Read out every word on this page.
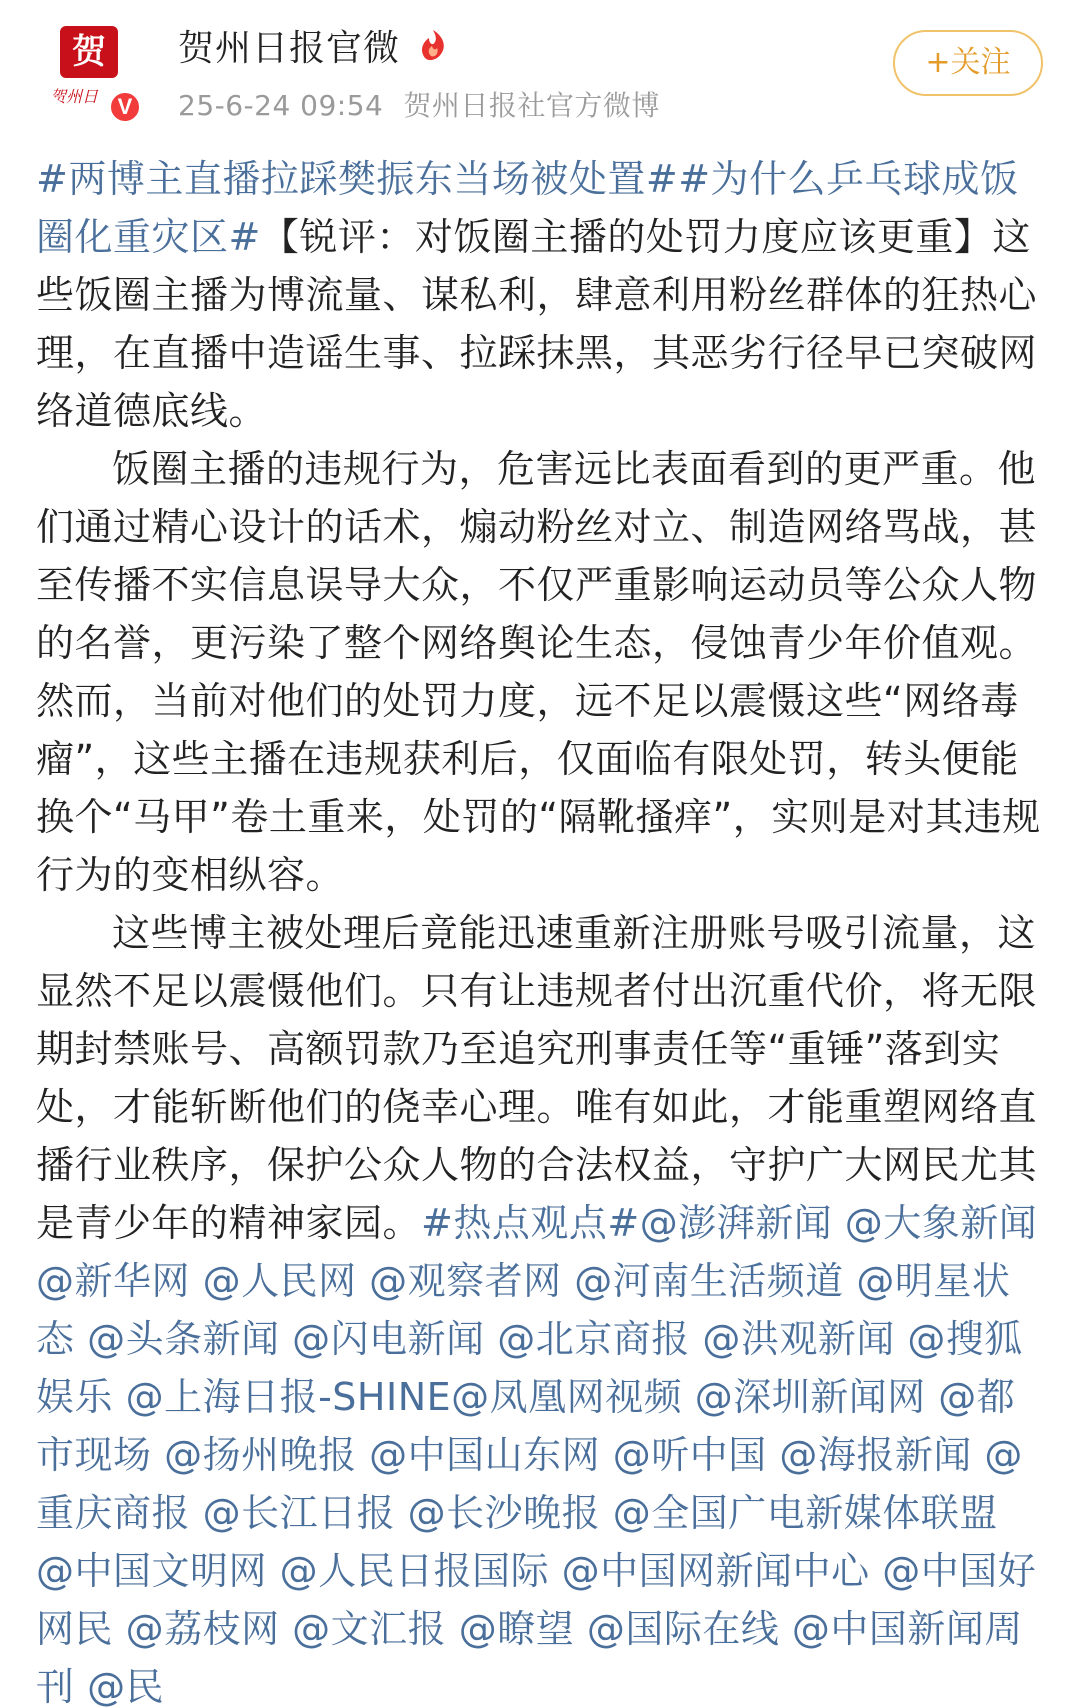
贺
贺州日 V
贺州日报官微
25-6-24 09:54 贺州日报社官方微博
+关注

#两博主直播拉踩樊振东当场被处置##为什么乒乓球成饭圈化重灾区#【锐评：对饭圈主播的处罚力度应该更重】这些饭圈主播为博流量、谋私利，肆意利用粉丝群体的狂热心理，在直播中造谣生事、拉踩抹黑，其恶劣行径早已突破网络道德底线。

饭圈主播的违规行为，危害远比表面看到的更严重。他们通过精心设计的话术，煽动粉丝对立、制造网络骂战，甚至传播不实信息误导大众，不仅严重影响运动员等公众人物的名誉，更污染了整个网络舆论生态，侵蚀青少年价值观。然而，当前对他们的处罚力度，远不足以震慑这些“网络毒瘤”，这些主播在违规获利后，仅面临有限处罚，转头便能换个“马甲”卷土重来，处罚的“隔靴搔痒”，实则是对其违规行为的变相纵容。

这些博主被处理后竟能迅速重新注册账号吸引流量，这显然不足以震慑他们。只有让违规者付出沉重代价，将无限期封禁账号、高额罚款乃至追究刑事责任等“重锤”落到实处，才能斩断他们的侥幸心理。唯有如此，才能重塑网络直播行业秩序，保护公众人物的合法权益，守护广大网民尤其是青少年的精神家园。#热点观点#@澎湃新闻 @大象新闻 @新华网 @人民网 @观察者网 @河南生活频道 @明星状态 @头条新闻 @闪电新闻 @北京商报 @洪观新闻 @搜狐娱乐 @上海日报-SHINE@凤凰网视频 @深圳新闻网 @都市现场 @扬州晚报 @中国山东网 @听中国 @海报新闻 @重庆商报 @长江日报 @长沙晚报 @全国广电新媒体联盟 @中国文明网 @人民日报国际 @中国网新闻中心 @中国好网民 @荔枝网 @文汇报 @瞭望 @国际在线 @中国新闻周刊 @民
